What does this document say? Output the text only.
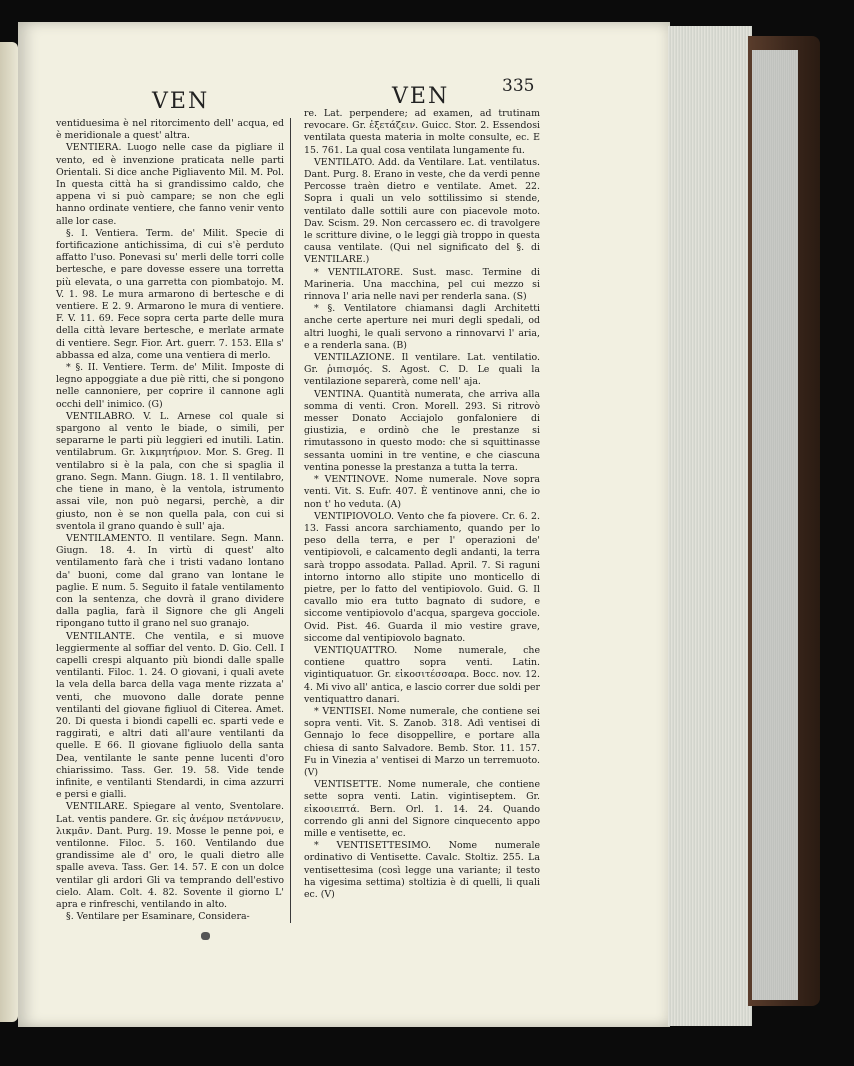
VEN	VEN	335

ventiduesima è nel ritorcimento dell' acqua, ed è meridionale a quest' altra.

VENTIERA. Luogo nelle case da pigliare il vento, ed è invenzione praticata nelle parti Orientali. Si dice anche Pigliavento Mil. M. Pol. In questa città ha si grandissimo caldo, che appena vi si può campare; se non che egli hanno ordinate ventiere, che fanno venir vento alle lor case.

§. I. Ventiera. Term. de' Milit. Specie di fortificazione antichissima, di cui s'è perduto affatto l'uso. Ponevasi su' merli delle torri colle bertesche, e pare dovesse essere una torretta più elevata, o una garretta con piombatojo. M. V. 1. 98. Le mura armarono di bertesche e di ventiere. E 2. 9. Armarono le mura di ventiere. F. V. 11. 69. Fece sopra certa parte delle mura della città levare bertesche, e merlate armate di ventiere. Segr. Fior. Art. guerr. 7. 153. Ella s' abbassa ed alza, come una ventiera di merlo.

* §. II. Ventiere. Term. de' Milit. Imposte di legno appoggiate a due piè ritti, che si pongono nelle cannoniere, per coprire il cannone agli occhi dell' inimico. (G)

VENTILABRO. V. L. Arnese col quale si spargono al vento le biade, o simili, per separarne le parti più leggieri ed inutili. Latin. ventilabrum. Gr. λικμητήριον. Mor. S. Greg. Il ventilabro si è la pala, con che si spaglia il grano. Segn. Mann. Giugn. 18. 1. Il ventilabro, che tiene in mano, è la ventola, istrumento assai vile, non può negarsi, perchè, a dir giusto, non è se non quella pala, con cui si sventola il grano quando è sull' aja.

VENTILAMENTO. Il ventilare. Segn. Mann. Giugn. 18. 4. In virtù di quest' alto ventilamento farà che i tristi vadano lontano da' buoni, come dal grano van lontane le paglie. E num. 5. Seguito il fatale ventilamento con la sentenza, che dovrà il grano dividere dalla paglia, farà il Signore che gli Angeli ripongano tutto il grano nel suo granajo.

VENTILANTE. Che ventila, e si muove leggiermente al soffiar del vento. D. Gio. Cell. I capelli crespi alquanto più biondi dalle spalle ventilanti. Filoc. 1. 24. O giovani, i quali avete la vela della barca della vaga mente rizzata a' venti, che muovono dalle dorate penne ventilanti del giovane figliuol di Citerea. Amet. 20. Di questa i biondi capelli ec. sparti vede e raggirati, e altri dati all'aure ventilanti da quelle. E 66. Il giovane figliuolo della santa Dea, ventilante le sante penne lucenti d'oro chiarissimo. Tass. Ger. 19. 58. Vide tende infinite, e ventilanti Stendardi, in cima azzurri e persi e gialli.

VENTILARE. Spiegare al vento, Sventolare. Lat. ventis pandere. Gr. εἰς ἀνέμον πετάννυειν, λικμᾶν. Dant. Purg. 19. Mosse le penne poi, e ventilonne. Filoc. 5. 160. Ventilando due grandissime ale d' oro, le quali dietro alle spalle aveva. Tass. Ger. 14. 57. E con un dolce ventilar gli ardori Gli va temprando dell'estivo cielo. Alam. Colt. 4. 82. Sovente il giorno L' apra e rinfreschi, ventilando in alto.

§. Ventilare per Esaminare, Considera-

re. Lat. perpendere; ad examen, ad trutinam revocare. Gr. ἐξετάζειν. Guicc. Stor. 2. Essendosi ventilata questa materia in molte consulte, ec. E 15. 761. La qual cosa ventilata lungamente fu.

VENTILATO. Add. da Ventilare. Lat. ventilatus. Dant. Purg. 8. Erano in veste, che da verdi penne Percosse traèn dietro e ventilate. Amet. 22. Sopra i quali un velo sottilissimo si stende, ventilato dalle sottili aure con piacevole moto. Dav. Scism. 29. Non cercassero ec. di travolgere le scritture divine, o le leggi già troppo in questa causa ventilate. (Qui nel significato del §. di VENTILARE.)

* VENTILATORE. Sust. masc. Termine di Marineria. Una macchina, pel cui mezzo si rinnova l' aria nelle navi per renderla sana. (S)

* §. Ventilatore chiamansi dagli Architetti anche certe aperture nei muri degli spedali, od altri luoghi, le quali servono a rinnovarvi l' aria, e a renderla sana. (B)

VENTILAZIONE. Il ventilare. Lat. ventilatio. Gr. ῥιπισμός. S. Agost. C. D. Le quali la ventilazione separerà, come nell' aja.

VENTINA. Quantità numerata, che arriva alla somma di venti. Cron. Morell. 293. Si ritrovò messer Donato Acciajolo gonfaloniere di giustizia, e ordinò che le prestanze si rimutassono in questo modo: che si squittinasse sessanta uomini in tre ventine, e che ciascuna ventina ponesse la prestanza a tutta la terra.

* VENTINOVE. Nome numerale. Nove sopra venti. Vit. S. Eufr. 407. È ventinove anni, che io non t' ho veduta. (A)

VENTIPIOVOLO. Vento che fa piovere. Cr. 6. 2. 13. Fassi ancora sarchiamento, quando per lo peso della terra, e per l' operazioni de' ventipiovoli, e calcamento degli andanti, la terra sarà troppo assodata. Pallad. April. 7. Si raguni intorno intorno allo stipite uno monticello di pietre, per lo fatto del ventipiovolo. Guid. G. Il cavallo mio era tutto bagnato di sudore, e siccome ventipiovolo d'acqua, spargeva gocciole. Ovid. Pist. 46. Guarda il mio vestire grave, siccome dal ventipiovolo bagnato.

VENTIQUATTRO. Nome numerale, che contiene quattro sopra venti. Latin. vigintiquatuor. Gr. εἰκοσιτέσσαρα. Bocc. nov. 12. 4. Mi vivo all' antica, e lascio correr due soldi per ventiquattro danari.

* VENTISEI. Nome numerale, che contiene sei sopra venti. Vit. S. Zanob. 318. Adì ventisei di Gennajo lo fece disoppellire, e portare alla chiesa di santo Salvadore. Bemb. Stor. 11. 157. Fu in Vinezia a' ventisei di Marzo un terremuoto. (V)

VENTISETTE. Nome numerale, che contiene sette sopra venti. Latin. vigintiseptem. Gr. εἰκοσιεπτά. Bern. Orl. 1. 14. 24. Quando correndo gli anni del Signore cinquecento appo mille e ventisette, ec.

* VENTISETTESIMO. Nome numerale ordinativo di Ventisette. Cavalc. Stoltiz. 255. La ventisettesima (così legge una variante; il testo ha vigesima settima) stoltizia è di quelli, li quali ec. (V)
